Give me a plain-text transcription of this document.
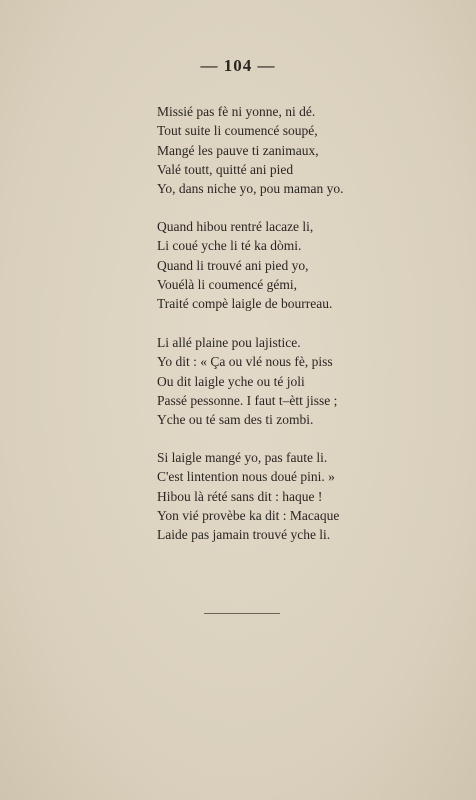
— 104 —
Missié pas fè ni yonne, ni dé.
Tout suite li coumencé soupé,
Mangé les pauve ti zanimaux,
Valé toutt, quitté ani pied
Yo, dans niche yo, pou maman yo.
Quand hibou rentré lacaze li,
Li coué yche li té ka dòmi.
Quand li trouvé ani pied yo,
Vouélà li coumencé gémi,
Traité compè laigle de bourreau.
Li allé plaine pou lajistice.
Yo dit : « Ça ou vlé nous fè, piss
Ou dit laigle yche ou té joli
Passé pessonne. I faut t–ètt jisse ;
Yche ou té sam des ti zombi.
Si laigle mangé yo, pas faute li.
C'est lintention nous doué pini. »
Hibou là rété sans dit : haque !
Yon vié provèbe ka dit : Macaque
Laide pas jamain trouvé yche li.
